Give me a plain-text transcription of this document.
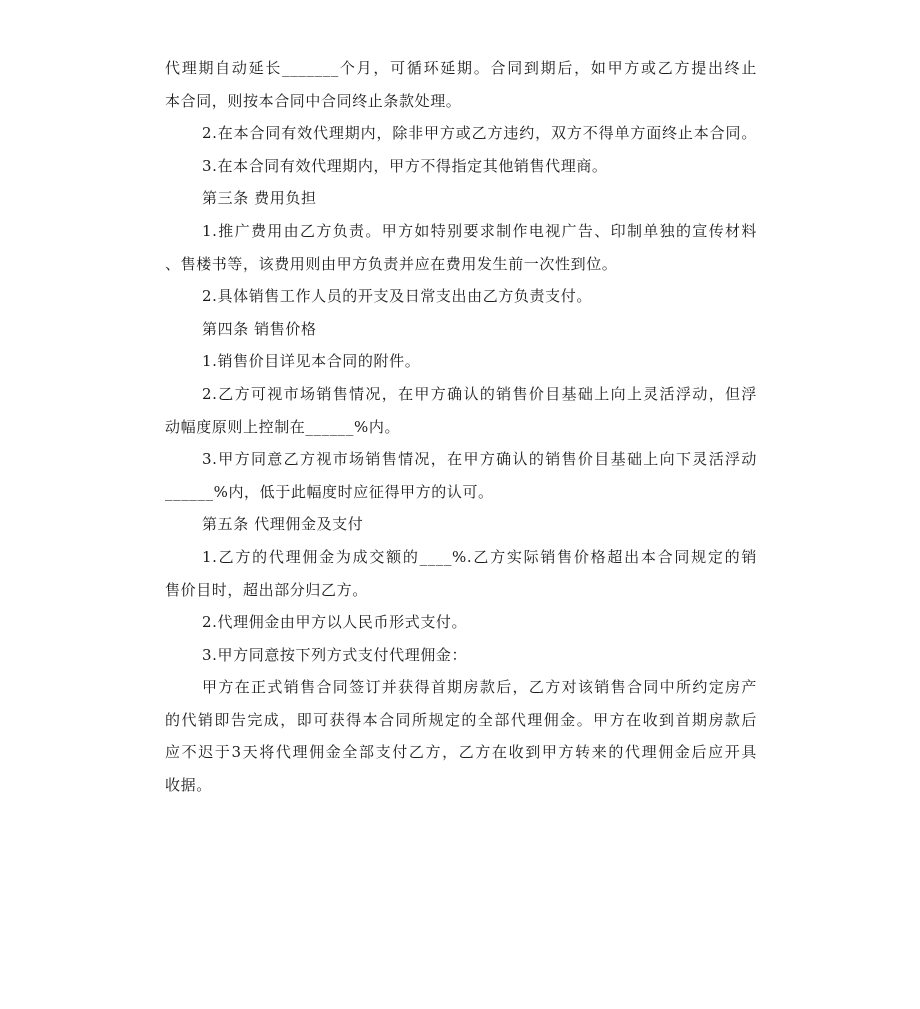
代理期自动延长_______个月，可循环延期。合同到期后，如甲方或乙方提出终止
本合同，则按本合同中合同终止条款处理。
2.在本合同有效代理期内，除非甲方或乙方违约，双方不得单方面终止本合同。
3.在本合同有效代理期内，甲方不得指定其他销售代理商。
第三条 费用负担
1.推广费用由乙方负责。甲方如特别要求制作电视广告、印制单独的宣传材料
、售楼书等，该费用则由甲方负责并应在费用发生前一次性到位。
2.具体销售工作人员的开支及日常支出由乙方负责支付。
第四条 销售价格
1.销售价目详见本合同的附件。
2.乙方可视市场销售情况，在甲方确认的销售价目基础上向上灵活浮动，但浮
动幅度原则上控制在______%内。
3.甲方同意乙方视市场销售情况，在甲方确认的销售价目基础上向下灵活浮动
______%内，低于此幅度时应征得甲方的认可。
第五条 代理佣金及支付
1.乙方的代理佣金为成交额的____%.乙方实际销售价格超出本合同规定的销
售价目时，超出部分归乙方。
2.代理佣金由甲方以人民币形式支付。
3.甲方同意按下列方式支付代理佣金：
甲方在正式销售合同签订并获得首期房款后，乙方对该销售合同中所约定房产
的代销即告完成，即可获得本合同所规定的全部代理佣金。甲方在收到首期房款后
应不迟于3天将代理佣金全部支付乙方，乙方在收到甲方转来的代理佣金后应开具
收据。
